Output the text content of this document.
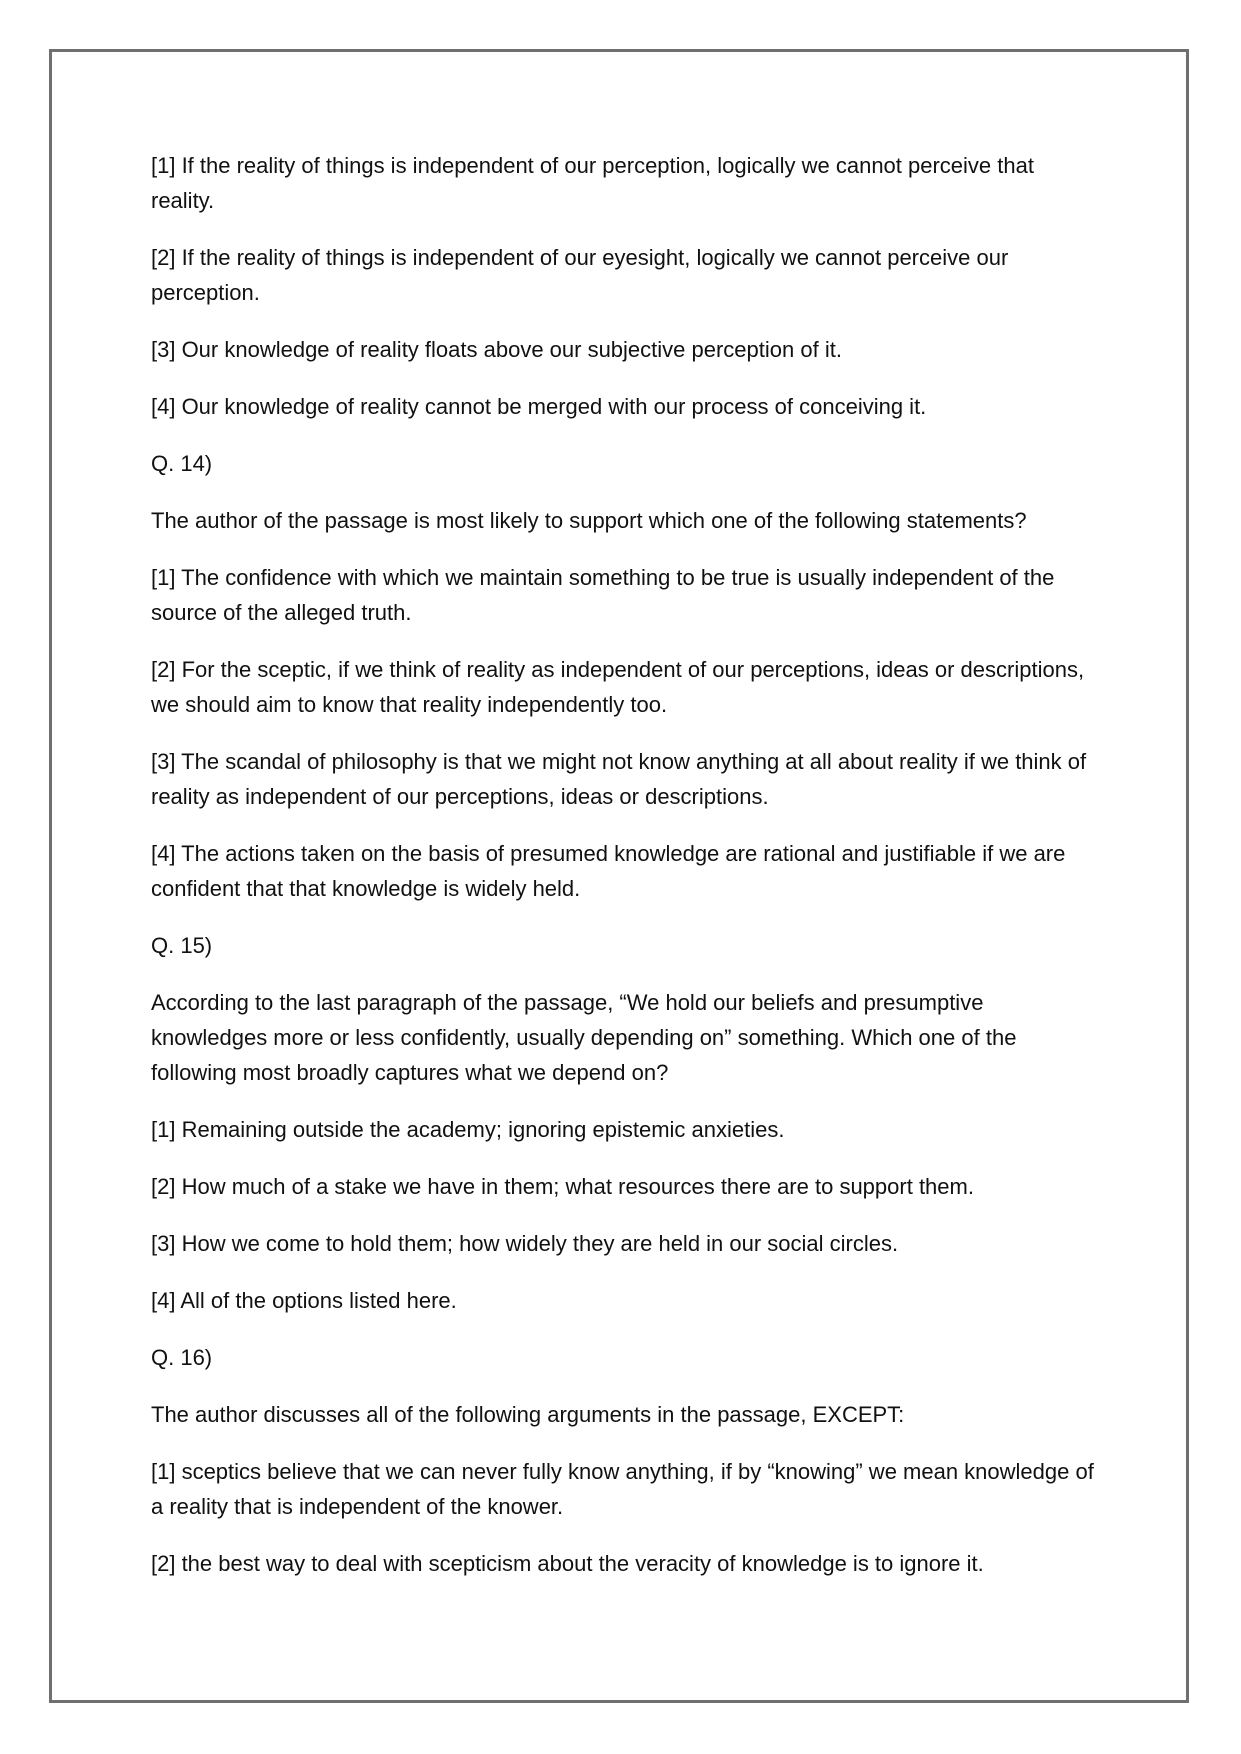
[1] If the reality of things is independent of our perception, logically we cannot perceive that reality.

[2] If the reality of things is independent of our eyesight, logically we cannot perceive our perception.

[3] Our knowledge of reality floats above our subjective perception of it.

[4] Our knowledge of reality cannot be merged with our process of conceiving it.

Q. 14)

The author of the passage is most likely to support which one of the following statements?

[1] The confidence with which we maintain something to be true is usually independent of the source of the alleged truth.

[2] For the sceptic, if we think of reality as independent of our perceptions, ideas or descriptions, we should aim to know that reality independently too.

[3] The scandal of philosophy is that we might not know anything at all about reality if we think of reality as independent of our perceptions, ideas or descriptions.

[4] The actions taken on the basis of presumed knowledge are rational and justifiable if we are confident that that knowledge is widely held.

Q. 15)

According to the last paragraph of the passage, “We hold our beliefs and presumptive knowledges more or less confidently, usually depending on” something. Which one of the following most broadly captures what we depend on?

[1] Remaining outside the academy; ignoring epistemic anxieties.

[2] How much of a stake we have in them; what resources there are to support them.

[3] How we come to hold them; how widely they are held in our social circles.

[4] All of the options listed here.

Q. 16)

The author discusses all of the following arguments in the passage, EXCEPT:

[1] sceptics believe that we can never fully know anything, if by “knowing” we mean knowledge of a reality that is independent of the knower.

[2] the best way to deal with scepticism about the veracity of knowledge is to ignore it.
